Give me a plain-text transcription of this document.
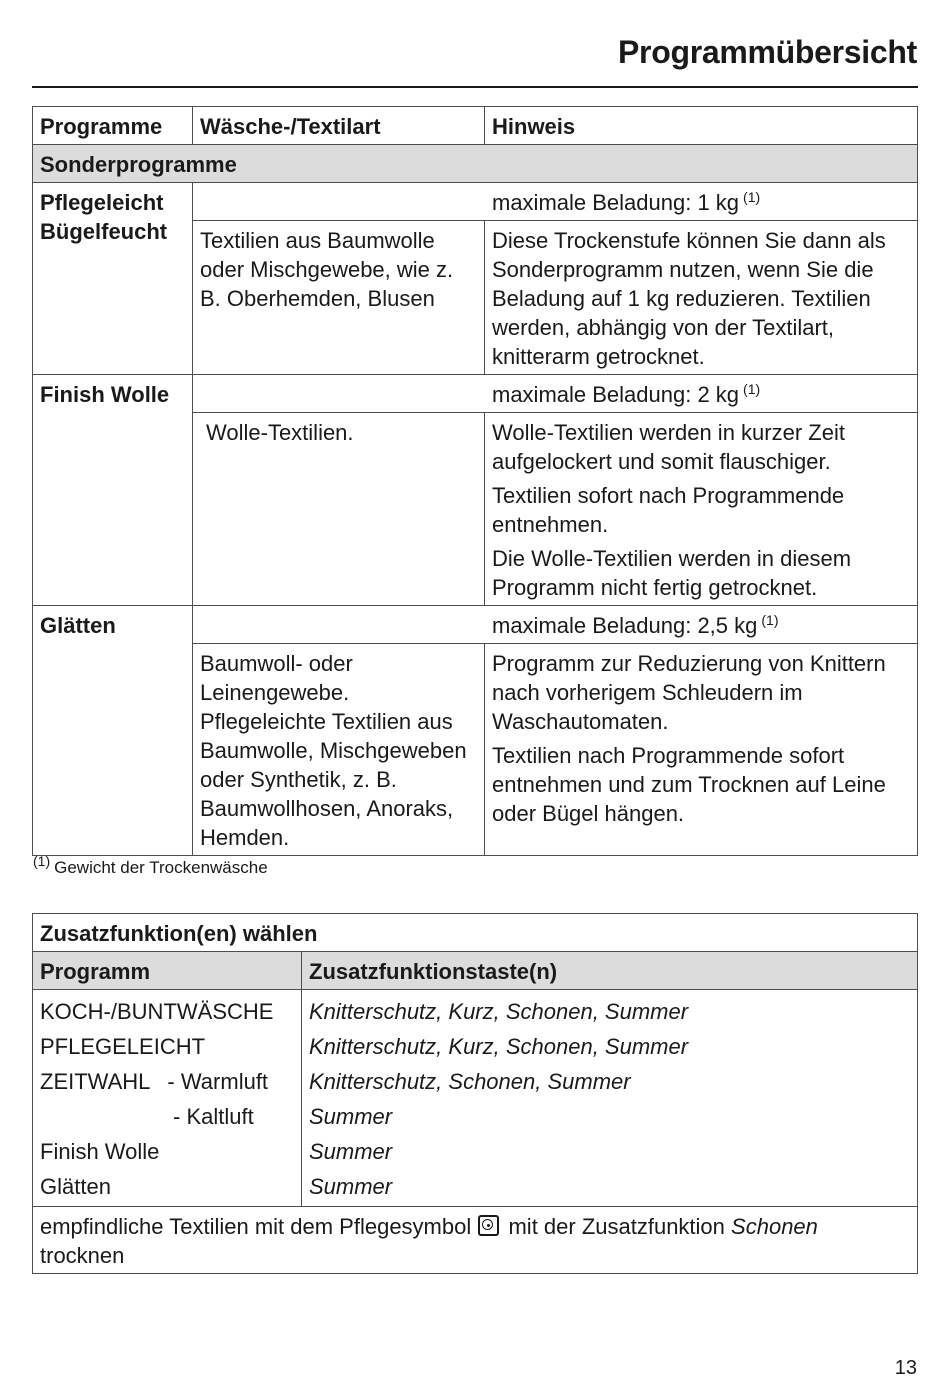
Programmübersicht
Programme	Wäsche-/Textilart	Hinweis
Sonderprogramme		
Pflegeleicht Bügelfeucht	maximale Beladung: 1 kg $^{(1)}$
	Textilien aus Baumwolle oder Mischgewebe, wie z. B. Oberhemden, Blusen	Diese Trockenstufe können Sie dann als Sonderprogramm nutzen, wenn Sie die Beladung auf 1 kg reduzieren. Textilien werden, abhängig von der Textilart, knitterarm getrocknet.

Finish Wolle	maximale Beladung: 2 kg $^{(1)}$
	Wolle-Textilien.	Wolle-Textilien werden in kurzer Zeit aufgelockert und somit flauschiger.
Textilien sofort nach Programmende entnehmen.
Die Wolle-Textilien werden in diesem Programm nicht fertig getrocknet.

Glätten	maximale Beladung: 2,5 kg $^{(1)}$
	Baumwoll- oder Leinengewebe. Pflegeleichte Textilien aus Baumwolle, Mischgeweben oder Synthetik, z. B. Baumwollhosen, Anoraks, Hemden.	Programm zur Reduzierung von Knittern nach vorherigem Schleudern im Waschautomaten.
Textilien nach Programmende sofort entnehmen und zum Trocknen auf Leine oder Bügel hängen.
$^{(1)}$ Gewicht der Trockenwäsche
Zusatzfunktion(en) wählen	
Programm	Zusatzfunktionstaste(n)
KOCH-/BUNTWÄSCHE	Knitterschutz, Kurz, Schonen, Summer
PFLEGELEICHT	Knitterschutz, Kurz, Schonen, Summer
ZEITWAHL - Warmluft	Knitterschutz, Schonen, Summer
- Kaltluft	Summer
Finish Wolle	Summer
Glätten	Summer
empfindliche Textilien mit dem Pflegesymbol mit der Zusatzfunktion Schonen
trocknen	
13
